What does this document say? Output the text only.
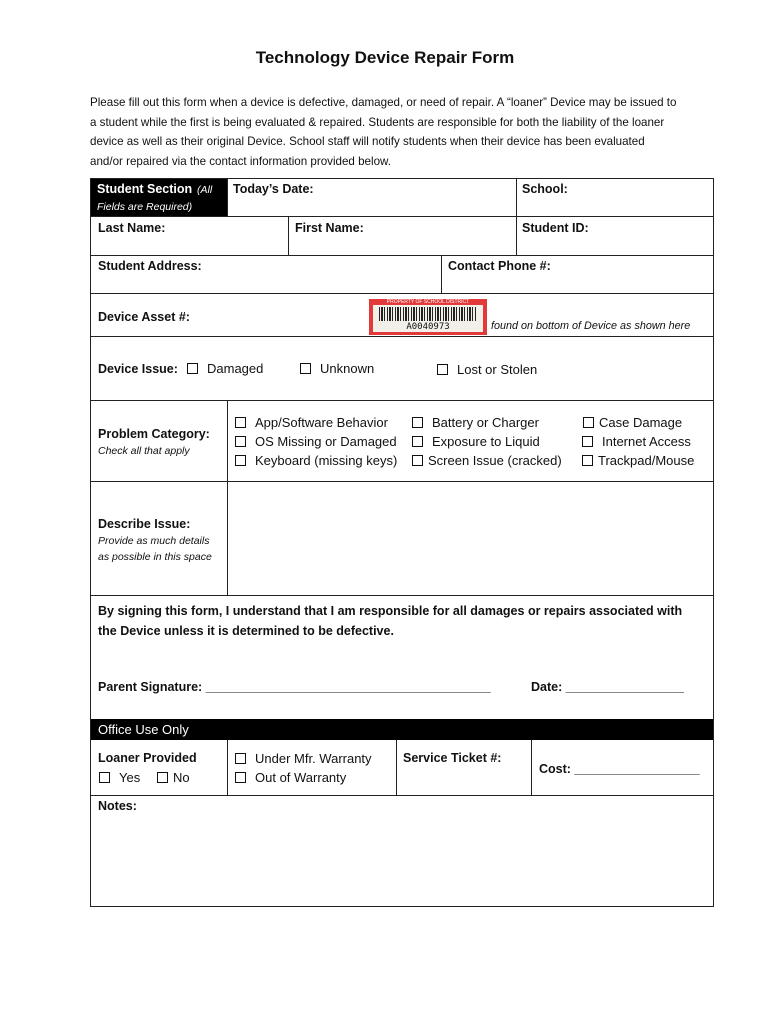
Technology Device Repair Form
Please fill out this form when a device is defective, damaged, or need of repair. A “loaner” Device may be issued to a student while the first is being evaluated & repaired. Students are responsible for both the liability of the loaner device as well as their original Device. School staff will notify students when their device has been evaluated and/or repaired via the contact information provided below.
Student Section (All Fields are Required)
Today’s Date:	School:
Last Name:	First Name:	Student ID:
Student Address:	Contact Phone #:
Device Asset #:
PROPERTY OF SCHOOL DISTRICT
A0040973	found on bottom of Device as shown here
Device Issue:	Damaged	Unknown	Lost or Stolen
Problem Category:
Check all that apply
App/Software Behavior	Battery or Charger	Case Damage
OS Missing or Damaged	Exposure to Liquid	Internet Access
Keyboard (missing keys)	Screen Issue (cracked)	Trackpad/Mouse
Describe Issue:
Provide as much details
as possible in this space
By signing this form, I understand that I am responsible for all damages or repairs associated with the Device unless it is determined to be defective.
Parent Signature: _________________________________________	Date: _________________
Office Use Only
Loaner Provided
Yes	No
Under Mfr. Warranty
Out of Warranty
Service Ticket #:
Cost: __________________
Notes:
